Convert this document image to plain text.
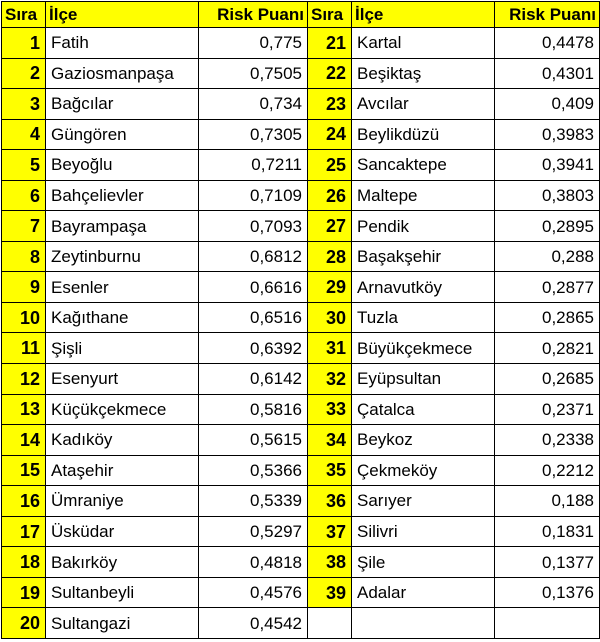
Sıra	İlçe	Risk Puanı	Sıra	İlçe	Risk Puanı
1	Fatih	0,775	21	Kartal	0,4478
2	Gaziosmanpaşa	0,7505	22	Beşiktaş	0,4301
3	Bağcılar	0,734	23	Avcılar	0,409
4	Güngören	0,7305	24	Beylikdüzü	0,3983
5	Beyoğlu	0,7211	25	Sancaktepe	0,3941
6	Bahçelievler	0,7109	26	Maltepe	0,3803
7	Bayrampaşa	0,7093	27	Pendik	0,2895
8	Zeytinburnu	0,6812	28	Başakşehir	0,288
9	Esenler	0,6616	29	Arnavutköy	0,2877
10	Kağıthane	0,6516	30	Tuzla	0,2865
11	Şişli	0,6392	31	Büyükçekmece	0,2821
12	Esenyurt	0,6142	32	Eyüpsultan	0,2685
13	Küçükçekmece	0,5816	33	Çatalca	0,2371
14	Kadıköy	0,5615	34	Beykoz	0,2338
15	Ataşehir	0,5366	35	Çekmeköy	0,2212
16	Ümraniye	0,5339	36	Sarıyer	0,188
17	Üsküdar	0,5297	37	Silivri	0,1831
18	Bakırköy	0,4818	38	Şile	0,1377
19	Sultanbeyli	0,4576	39	Adalar	0,1376
20	Sultangazi	0,4542			
